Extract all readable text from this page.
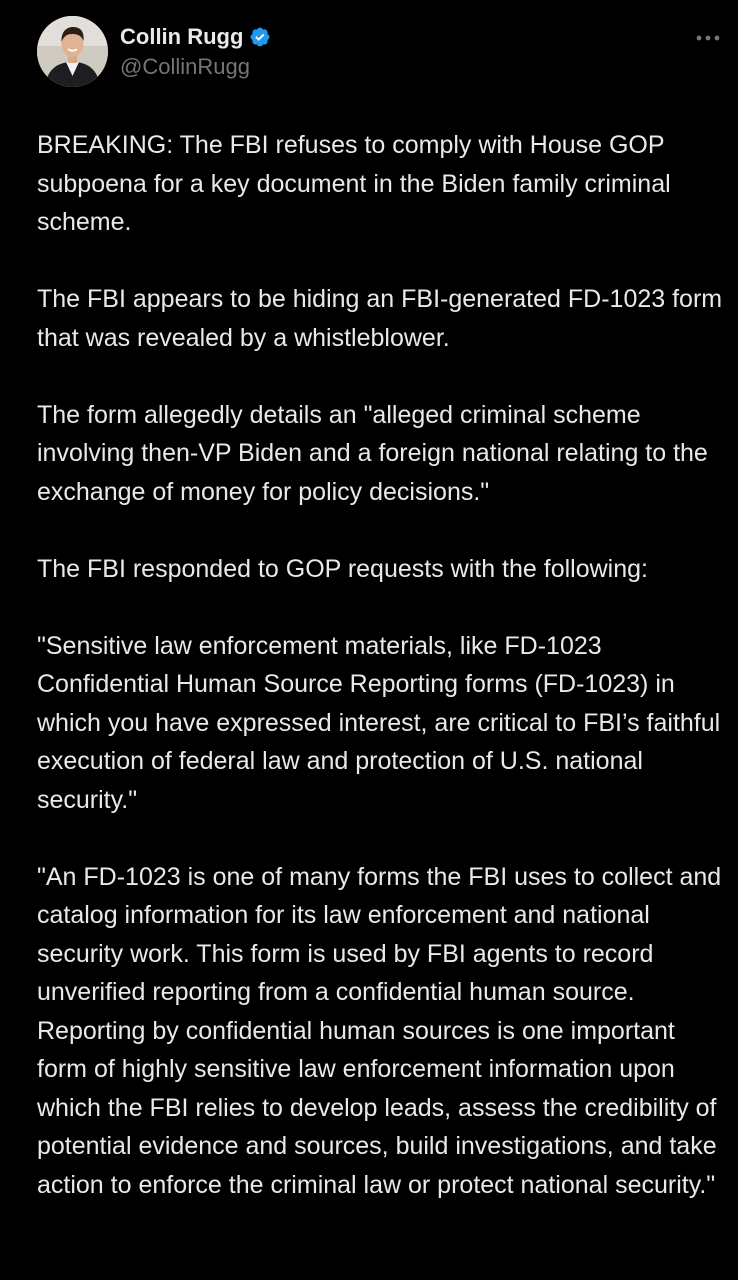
Collin Rugg
@CollinRugg

BREAKING: The FBI refuses to comply with House GOP subpoena for a key document in the Biden family criminal scheme.

The FBI appears to be hiding an FBI-generated FD-1023 form that was revealed by a whistleblower.

The form allegedly details an "alleged criminal scheme involving then-VP Biden and a foreign national relating to the exchange of money for policy decisions."

The FBI responded to GOP requests with the following:

"Sensitive law enforcement materials, like FD-1023 Confidential Human Source Reporting forms (FD-1023) in which you have expressed interest, are critical to FBI’s faithful execution of federal law and protection of U.S. national security."

"An FD-1023 is one of many forms the FBI uses to collect and catalog information for its law enforcement and national security work. This form is used by FBI agents to record unverified reporting from a confidential human source. Reporting by confidential human sources is one important form of highly sensitive law enforcement information upon which the FBI relies to develop leads, assess the credibility of potential evidence and sources, build investigations, and take action to enforce the criminal law or protect national security."
